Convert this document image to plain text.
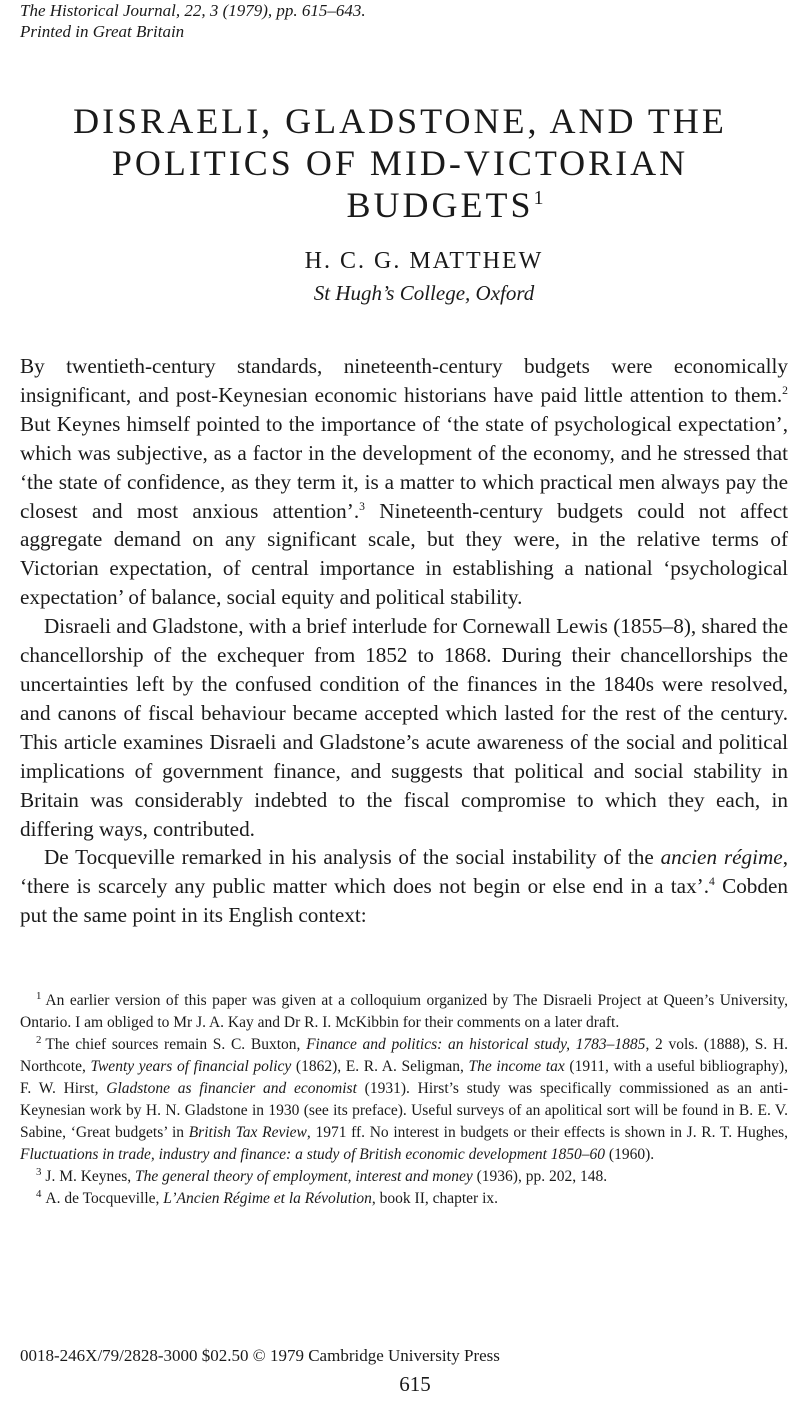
The Historical Journal, 22, 3 (1979), pp. 615–643.
Printed in Great Britain
DISRAELI, GLADSTONE, AND THE
POLITICS OF MID-VICTORIAN
BUDGETS$^1$
H. C. G. MATTHEW
St Hugh’s College, Oxford

By twentieth-century standards, nineteenth-century budgets were economically insignificant, and post-Keynesian economic historians have paid little attention to them.$^2$ But Keynes himself pointed to the importance of ‘the state of psychological expectation’, which was subjective, as a factor in the development of the economy, and he stressed that ‘the state of confidence, as they term it, is a matter to which practical men always pay the closest and most anxious attention’.$^3$ Nineteenth-century budgets could not affect aggregate demand on any significant scale, but they were, in the relative terms of Victorian expectation, of central importance in establishing a national ‘psychological expectation’ of balance, social equity and political stability.

Disraeli and Gladstone, with a brief interlude for Cornewall Lewis (1855–8), shared the chancellorship of the exchequer from 1852 to 1868. During their chancellorships the uncertainties left by the confused condition of the finances in the 1840s were resolved, and canons of fiscal behaviour became accepted which lasted for the rest of the century. This article examines Disraeli and Gladstone’s acute awareness of the social and political implications of government finance, and suggests that political and social stability in Britain was considerably indebted to the fiscal compromise to which they each, in differing ways, contributed.

De Tocqueville remarked in his analysis of the social instability of the ancien régime, ‘there is scarcely any public matter which does not begin or else end in a tax’.$^4$ Cobden put the same point in its English context:

$^1$ An earlier version of this paper was given at a colloquium organized by The Disraeli Project at Queen’s University, Ontario. I am obliged to Mr J. A. Kay and Dr R. I. McKibbin for their comments on a later draft.

$^2$ The chief sources remain S. C. Buxton, Finance and politics: an historical study, 1783–1885, 2 vols. (1888), S. H. Northcote, Twenty years of financial policy (1862), E. R. A. Seligman, The income tax (1911, with a useful bibliography), F. W. Hirst, Gladstone as financier and economist (1931). Hirst’s study was specifically commissioned as an anti-Keynesian work by H. N. Gladstone in 1930 (see its preface). Useful surveys of an apolitical sort will be found in B. E. V. Sabine, ‘Great budgets’ in British Tax Review, 1971 ff. No interest in budgets or their effects is shown in J. R. T. Hughes, Fluctuations in trade, industry and finance: a study of British economic development 1850–60 (1960).

$^3$ J. M. Keynes, The general theory of employment, interest and money (1936), pp. 202, 148.

$^4$ A. de Tocqueville, L’Ancien Régime et la Révolution, book II, chapter ix.

0018-246X/79/2828-3000 $02.50 © 1979 Cambridge University Press
615
